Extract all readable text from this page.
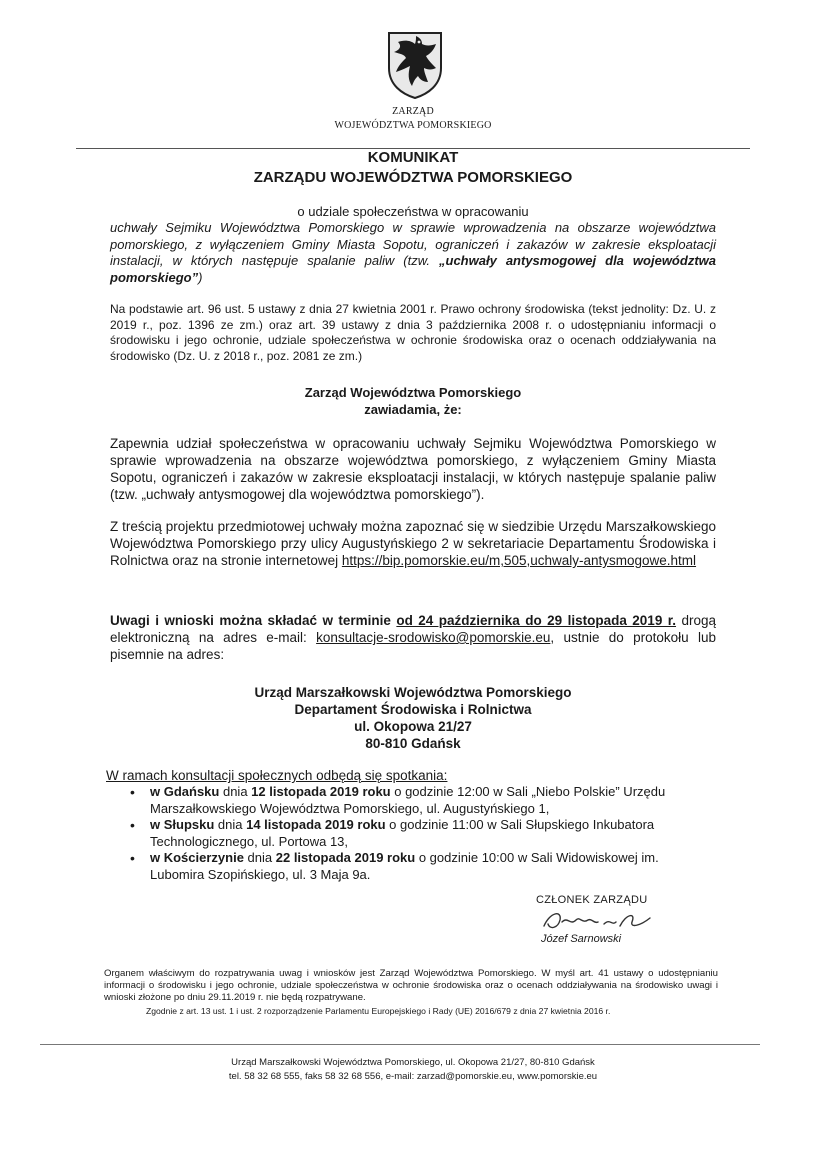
ZARZĄD
WOJEWÓDZTWA POMORSKIEGO
KOMUNIKAT
ZARZĄDU WOJEWÓDZTWA POMORSKIEGO
o udziale społeczeństwa w opracowaniu
uchwały Sejmiku Województwa Pomorskiego w sprawie wprowadzenia na obszarze województwa pomorskiego, z wyłączeniem Gminy Miasta Sopotu, ograniczeń i zakazów w zakresie eksploatacji instalacji, w których następuje spalanie paliw (tzw. „uchwały antysmogowej dla województwa pomorskiego”)
Na podstawie art. 96 ust. 5 ustawy z dnia 27 kwietnia 2001 r. Prawo ochrony środowiska (tekst jednolity: Dz. U. z 2019 r., poz. 1396 ze zm.) oraz art. 39 ustawy z dnia 3 października 2008 r. o udostępnianiu informacji o środowisku i jego ochronie, udziale społeczeństwa w ochronie środowiska oraz o ocenach oddziaływania na środowisko (Dz. U. z 2018 r., poz. 2081 ze zm.)
Zarząd Województwa Pomorskiego
zawiadamia, że:
Zapewnia udział społeczeństwa w opracowaniu uchwały Sejmiku Województwa Pomorskiego w sprawie wprowadzenia na obszarze województwa pomorskiego, z wyłączeniem Gminy Miasta Sopotu, ograniczeń i zakazów w zakresie eksploatacji instalacji, w których następuje spalanie paliw (tzw. „uchwały antysmogowej dla województwa pomorskiego”).
Z treścią projektu przedmiotowej uchwały można zapoznać się w siedzibie Urzędu Marszałkowskiego Województwa Pomorskiego przy ulicy Augustyńskiego 2 w sekretariacie Departamentu Środowiska i Rolnictwa oraz na stronie internetowej https://bip.pomorskie.eu/m,505,uchwaly-antysmogowe.html
Uwagi i wnioski można składać w terminie od 24 października do 29 listopada 2019 r. drogą elektroniczną na adres e-mail: konsultacje-srodowisko@pomorskie.eu, ustnie do protokołu lub pisemnie na adres:
Urząd Marszałkowski Województwa Pomorskiego
Departament Środowiska i Rolnictwa
ul. Okopowa 21/27
80-810 Gdańsk
W ramach konsultacji społecznych odbędą się spotkania:
• w Gdańsku dnia 12 listopada 2019 roku o godzinie 12:00 w Sali „Niebo Polskie” Urzędu Marszałkowskiego Województwa Pomorskiego, ul. Augustyńskiego 1,
• w Słupsku dnia 14 listopada 2019 roku o godzinie 11:00 w Sali Słupskiego Inkubatora Technologicznego, ul. Portowa 13,
• w Kościerzynie dnia 22 listopada 2019 roku o godzinie 10:00 w Sali Widowiskowej im. Lubomira Szopińskiego, ul. 3 Maja 9a.
CZŁONEK ZARZĄDU
Józef Sarnowski
Organem właściwym do rozpatrywania uwag i wniosków jest Zarząd Województwa Pomorskiego. W myśl art. 41 ustawy o udostępnianiu informacji o środowisku i jego ochronie, udziale społeczeństwa w ochronie środowiska oraz o ocenach oddziaływania na środowisko uwagi i wnioski złożone po dniu 29.11.2019 r. nie będą rozpatrywane.
Zgodnie z art. 13 ust. 1 i ust. 2 rozporządzenie Parlamentu Europejskiego i Rady (UE) 2016/679 z dnia 27 kwietnia 2016 r.
Urząd Marszałkowski Województwa Pomorskiego, ul. Okopowa 21/27, 80-810 Gdańsk
tel. 58 32 68 555, faks 58 32 68 556, e-mail: zarzad@pomorskie.eu, www.pomorskie.eu
